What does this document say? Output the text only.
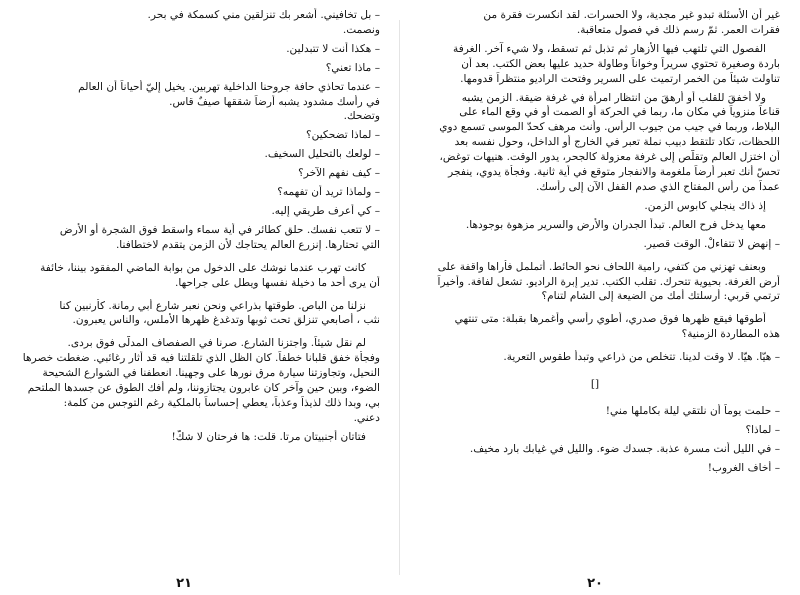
– بل تخافيني. أشعر بك تنزلقين مني كسمكة في بحر.

ونصمت.

– هكذا أنت لا تتبدلين.

– ماذا تعني؟

– عندما تحاذي حافة جروحنا الداخلية تهربين. يخيل إليّ أحياناً أن العالم

في رأسك مشدود يشبه أرضاً شققها صيفٌ قاس.

وتضحك.

– لماذا تضحكين؟

– لولعك بالتحليل السخيف.

– كيف نفهم الآخر؟

– ولماذا تريد أن تفهمه؟

– كي أعرف طريقي إليه.

– لا تتعب نفسك. حلق كطائر في أية سماء واسقط فوق الشجرة أو الأرض

التي تحتارها. إنزرع العالم يحتاجك لأن الزمن يتقدم لاختطافنا.

كانت تهرب عندما نوشك على الدخول من بوابة الماضي المفقود بيننا، خائفة

أن يرى أحد ما دخيلة نفسها ويطل على جراحها.

نزلنا من الباص. طوقتها بذراعي ونحن نعبر شارع أبي رمانة. كأرنبين كنا

نثب ، أصابعي تنزلق تحت ثوبها وتدغدغ ظهرها الأملس، والناس يعبرون.

لم نقل شيئاً. واجتزنا الشارع. صرنا في الصفصاف المدلّى فوق بردى.

وفجأة خفق قلبانا خطفاً. كان الظل الذي تلقلتنا فيه قد أثار رغائبي. ضغطت خصرها

النحيل، وتجاوزتنا سيارة مرق نورها على وجهينا. انعطفنا في الشوارع الشحيحة

الضوء، وبين حين وآخر كان عابرون يجتازوننا، ولم أفك الطوق عن جسدها الملتحم

بي، وبدا ذلك لذيذاً وعذباً، يعطي إحساساً بالملكية رغم التوجس من كلمة:

دعني.

فتاتان أجنبيتان مرتا. قلت: ها فرحتان لا شكّ!

٢١

غير أن الأسئلة تبدو غير مجدية، ولا الحسرات. لقد انكسرت فقرة من

فقرات العمر. ثمّ رسم ذلك في فصول متعاقبة.

الفصول التي تلتهب فيها الأزهار ثم تذبل ثم تسقط، ولا شيء آخر. الغرفة

باردة وصغيرة تحتوي سريراً وخواناً وطاولة حديد عليها بعض الكتب. بعد أن

تناولت شيئاً من الخمر ارتميت على السرير وفتحت الراديو منتظراً قدومها.

ولا أخفقَ للقلب أو أرهقَ من انتظار امرأة في غرفة ضيقة. الزمن يشبه

قناعاً منزوياً في مكان ما، ربما في الحركة أو الصمت أو في وقع الماء على

البلاط، وربما في جيب من جيوب الرأس. وأنت مرهف كحدّ الموسى تسمع دوي

اللحظات، تكاد تلتقط دبيب نملة تعبر في الخارج أو الداخل، وحول نفسه بعد

أن اختزل العالم وتقلّص إلى غرفة معزولة كالجحر، يدور الوقت. هنيهات توغض،

تحسّ أنك تعبر أرضاً ملغومة والانفجار متوقع في أية ثانية. وفجأة يدوي، ينفجر

عمداً من رأس المفتاح الذي صدم القفل الآن إلى رأسك.

إذ ذاك ينجلي كابوس الزمن.

معها يدخل فرح العالم. تبدأ الجدران والأرض والسرير مزهوة بوجودها.

– إنهض لا تتفاءلْ. الوقت قصير.

وبعنف تهزني من كتفي، رامية اللحاف نحو الحائط. أتململ فأراها واقفة على

أرض الغرفة. بحيوية تتحرك. تقلب الكتب. تدير إبرة الراديو. تشعل لفافة. وأخيراً

ترتمي قربي: أرسلتك أمك من الضيعة إلى الشام لتنام؟

أطوقها فيقع ظهرها فوق صدري، أطوي رأسي وأغمرها بقبلة: متى تنتهي

هذه المطاردة الزمنية؟

– هيّا. هيّا. لا وقت لدينا. تتخلص من ذراعي وتبدأ طقوس التعرية.

[]

– حلمت يوماً أن نلتقي ليلة بكاملها مني!

– لماذا؟

– في الليل أنت مسرة عذبة. جسدك ضوء. والليل في غيابك بارد مخيف.

– أخاف الغروب!

٢٠
